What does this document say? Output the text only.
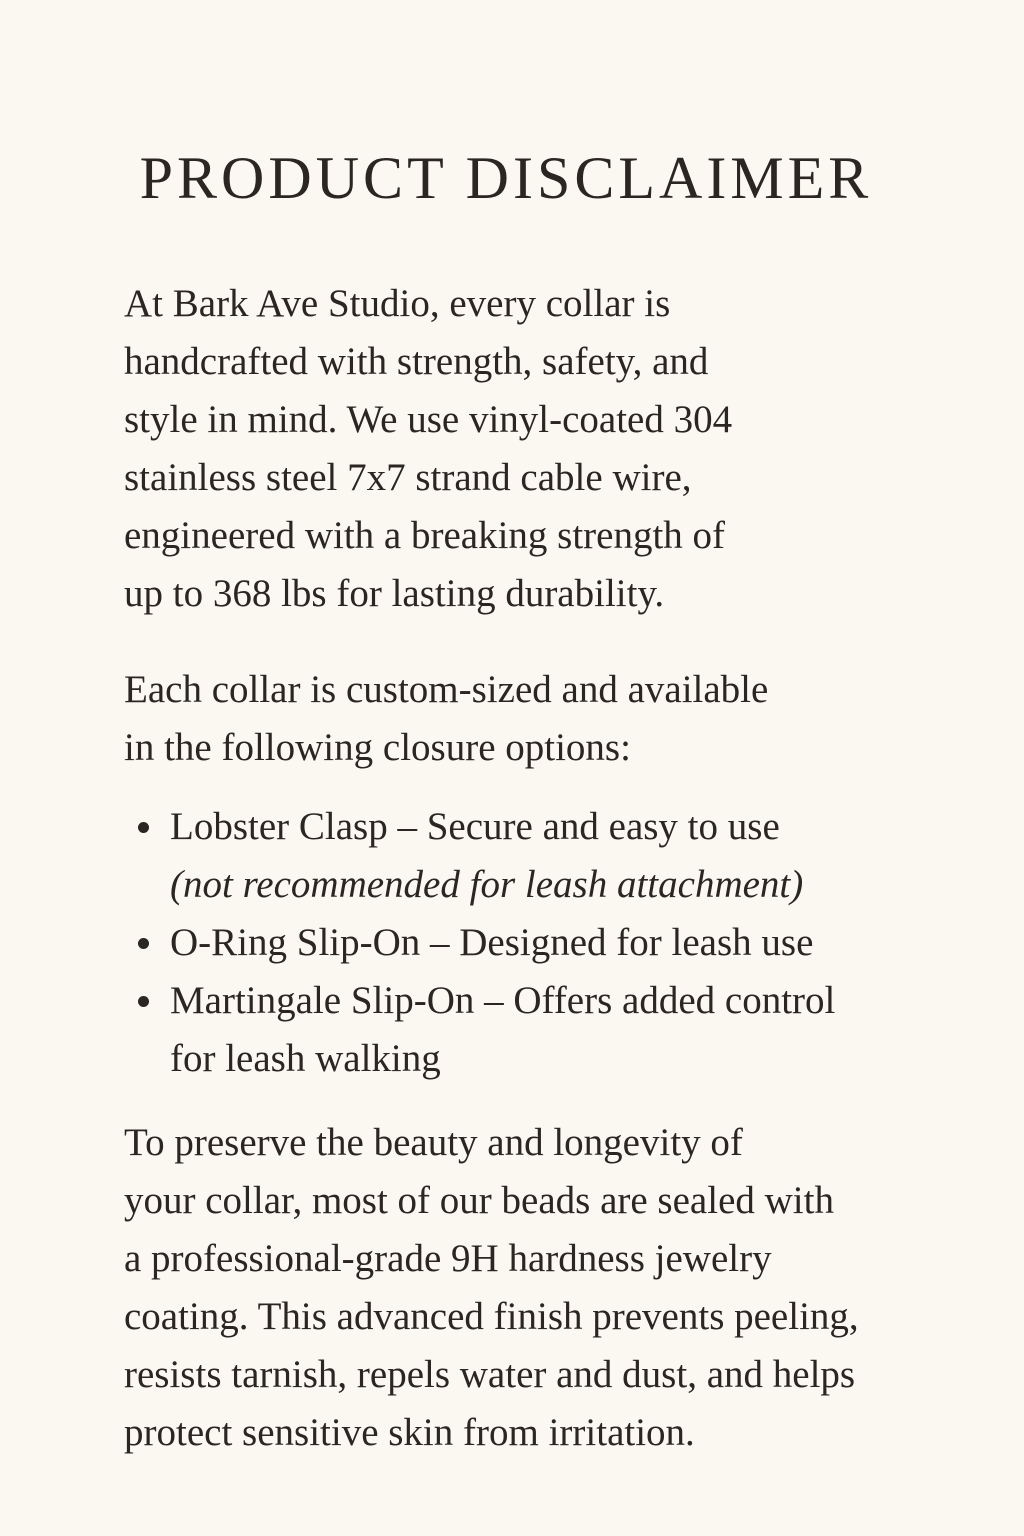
PRODUCT DISCLAIMER

At Bark Ave Studio, every collar is
handcrafted with strength, safety, and
style in mind. We use vinyl-coated 304
stainless steel 7x7 strand cable wire,
engineered with a breaking strength of
up to 368 lbs for lasting durability.

Each collar is custom-sized and available
in the following closure options:

Lobster Clasp – Secure and easy to use
(not recommended for leash attachment)
O-Ring Slip-On – Designed for leash use
Martingale Slip-On – Offers added control
for leash walking

To preserve the beauty and longevity of
your collar, most of our beads are sealed with
a professional-grade 9H hardness jewelry
coating. This advanced finish prevents peeling,
resists tarnish, repels water and dust, and helps
protect sensitive skin from irritation.
